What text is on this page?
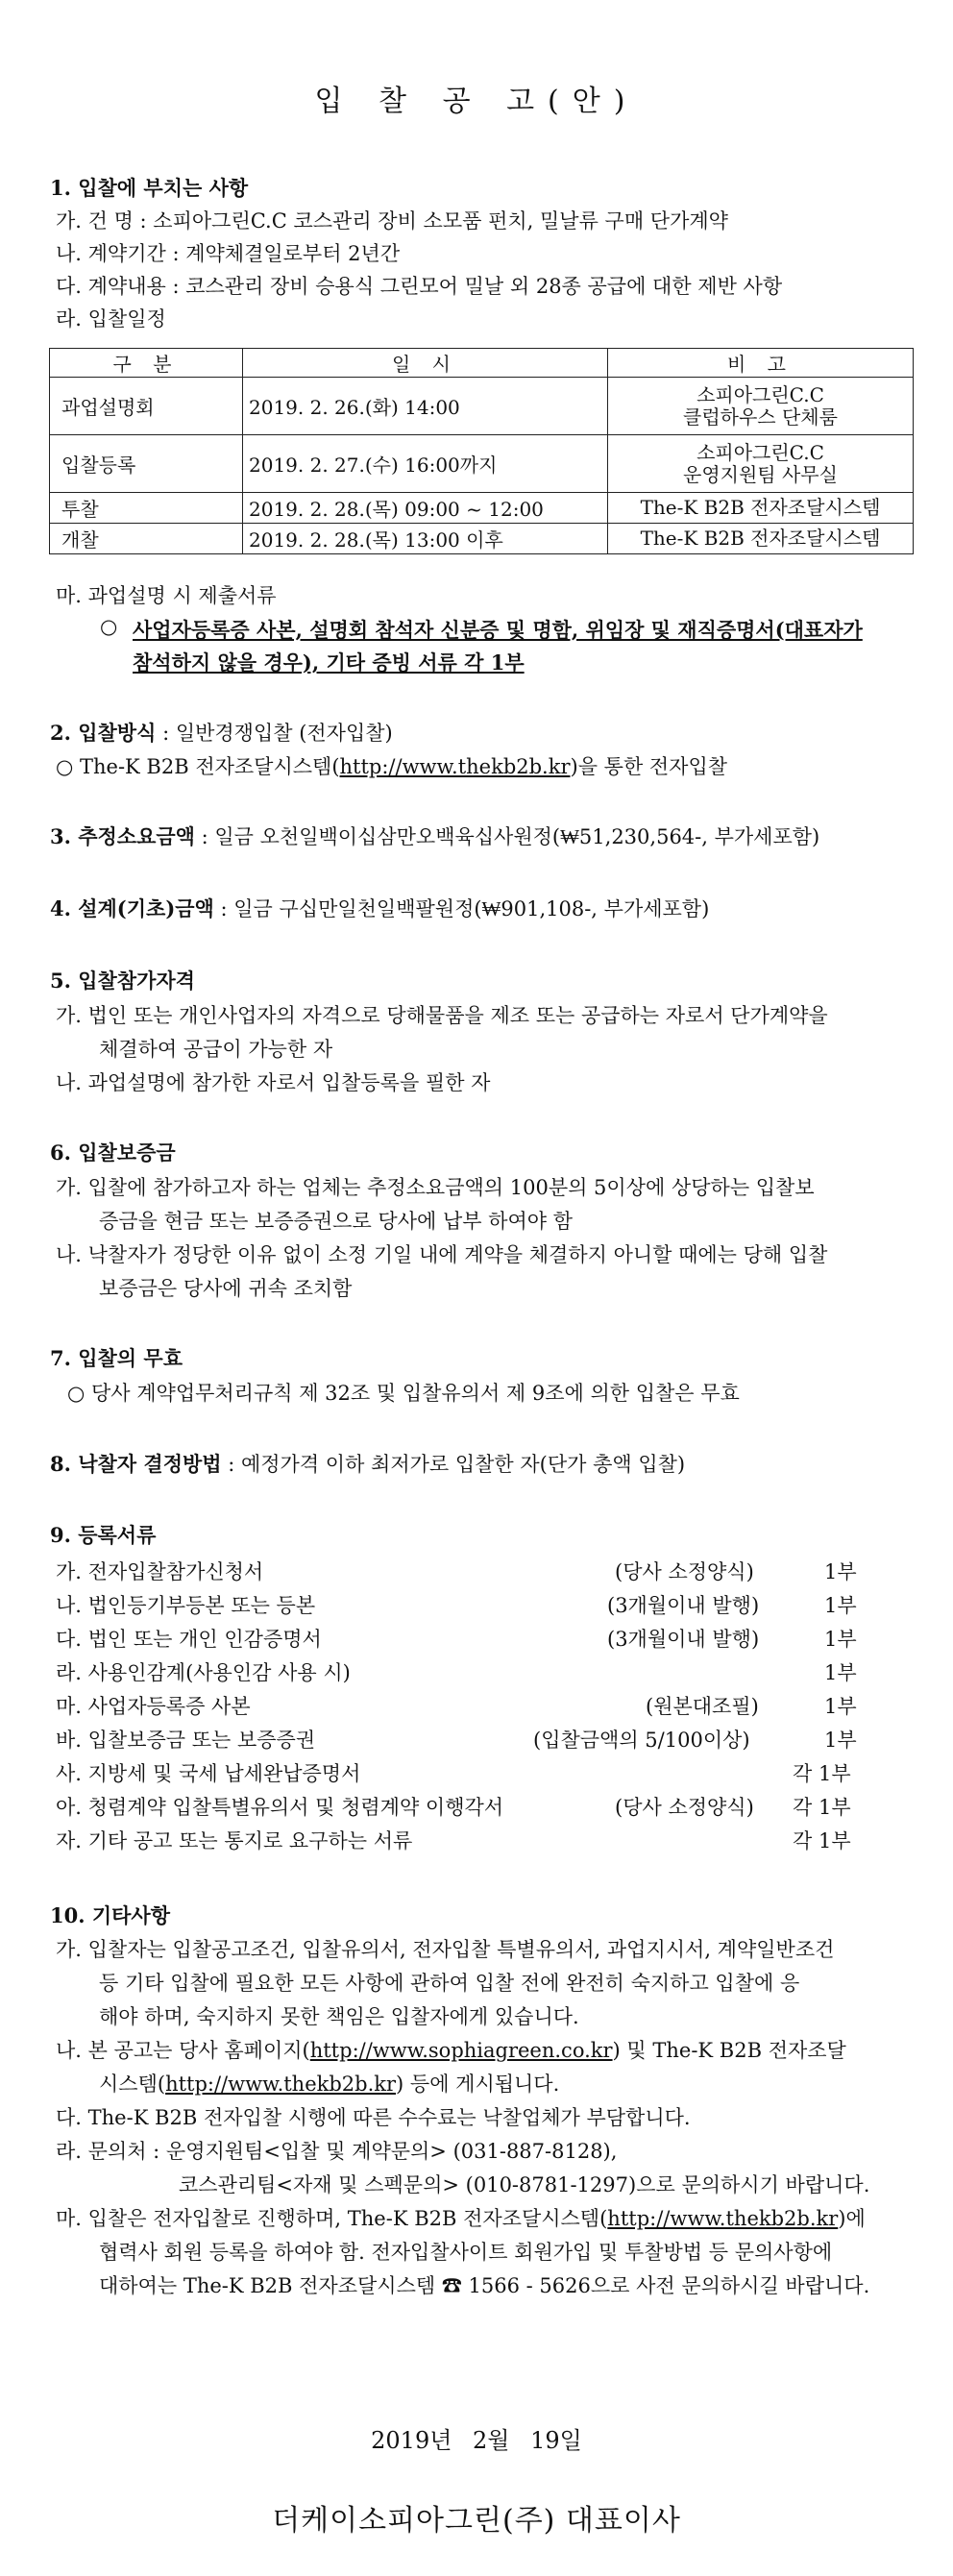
입 찰 공 고(안)
1. 입찰에 부치는 사항
가. 건 명 : 소피아그린C.C 코스관리 장비 소모품 펀치, 밀날류 구매 단가계약
나. 계약기간 : 계약체결일로부터 2년간
다. 계약내용 : 코스관리 장비 승용식 그린모어 밀날 외 28종 공급에 대한 제반 사항
라. 입찰일정
구 분	일 시	비 고
과업설명회	2019. 2. 26.(화) 14:00	소피아그린C.C
클럽하우스 단체룸

입찰등록	2019. 2. 27.(수) 16:00까지	소피아그린C.C
운영지원팀 사무실

투찰	2019. 2. 28.(목) 09:00 ~ 12:00	The-K B2B 전자조달시스템
개찰	2019. 2. 28.(목) 13:00 이후	The-K B2B 전자조달시스템
마. 과업설명 시 제출서류
○ 사업자등록증 사본, 설명회 참석자 신분증 및 명함, 위임장 및 재직증명서(대표자가
참석하지 않을 경우), 기타 증빙 서류 각 1부
2. 입찰방식 : 일반경쟁입찰 (전자입찰)
○ The-K B2B 전자조달시스템(http://www.thekb2b.kr)을 통한 전자입찰
3. 추정소요금액 : 일금 오천일백이십삼만오백육십사원정(₩51,230,564-, 부가세포함)
4. 설계(기초)금액 : 일금 구십만일천일백팔원정(₩901,108-, 부가세포함)
5. 입찰참가자격
가. 법인 또는 개인사업자의 자격으로 당해물품을 제조 또는 공급하는 자로서 단가계약을
체결하여 공급이 가능한 자
나. 과업설명에 참가한 자로서 입찰등록을 필한 자
6. 입찰보증금
가. 입찰에 참가하고자 하는 업체는 추정소요금액의 100분의 5이상에 상당하는 입찰보
증금을 현금 또는 보증증권으로 당사에 납부 하여야 함
나. 낙찰자가 정당한 이유 없이 소정 기일 내에 계약을 체결하지 아니할 때에는 당해 입찰
보증금은 당사에 귀속 조치함
7. 입찰의 무효
○ 당사 계약업무처리규칙 제 32조 및 입찰유의서 제 9조에 의한 입찰은 무효
8. 낙찰자 결정방법 : 예정가격 이하 최저가로 입찰한 자(단가 총액 입찰)
9. 등록서류
가. 전자입찰참가신청서	(당사 소정양식)	1부
나. 법인등기부등본 또는 등본	(3개월이내 발행)	1부
다. 법인 또는 개인 인감증명서	(3개월이내 발행)	1부
라. 사용인감계(사용인감 사용 시)	1부
마. 사업자등록증 사본	(원본대조필)	1부
바. 입찰보증금 또는 보증증권	(입찰금액의 5/100이상)	1부
사. 지방세 및 국세 납세완납증명서	각 1부
아. 청렴계약 입찰특별유의서 및 청렴계약 이행각서	(당사 소정양식) 각 1부
자. 기타 공고 또는 통지로 요구하는 서류	각 1부
10. 기타사항
가. 입찰자는 입찰공고조건, 입찰유의서, 전자입찰 특별유의서, 과업지시서, 계약일반조건
등 기타 입찰에 필요한 모든 사항에 관하여 입찰 전에 완전히 숙지하고 입찰에 응
해야 하며, 숙지하지 못한 책임은 입찰자에게 있습니다.
나. 본 공고는 당사 홈페이지(http://www.sophiagreen.co.kr) 및 The-K B2B 전자조달
시스템(http://www.thekb2b.kr) 등에 게시됩니다.
다. The-K B2B 전자입찰 시행에 따른 수수료는 낙찰업체가 부담합니다.
라. 문의처 : 운영지원팀<입찰 및 계약문의> (031-887-8128),
코스관리팀<자재 및 스펙문의> (010-8781-1297)으로 문의하시기 바랍니다.
마. 입찰은 전자입찰로 진행하며, The-K B2B 전자조달시스템(http://www.thekb2b.kr)에
협력사 회원 등록을 하여야 함. 전자입찰사이트 회원가입 및 투찰방법 등 문의사항에
대하여는 The-K B2B 전자조달시스템 ☎ 1566 - 5626으로 사전 문의하시길 바랍니다.
2019년 2월 19일
더케이소피아그린(주) 대표이사
